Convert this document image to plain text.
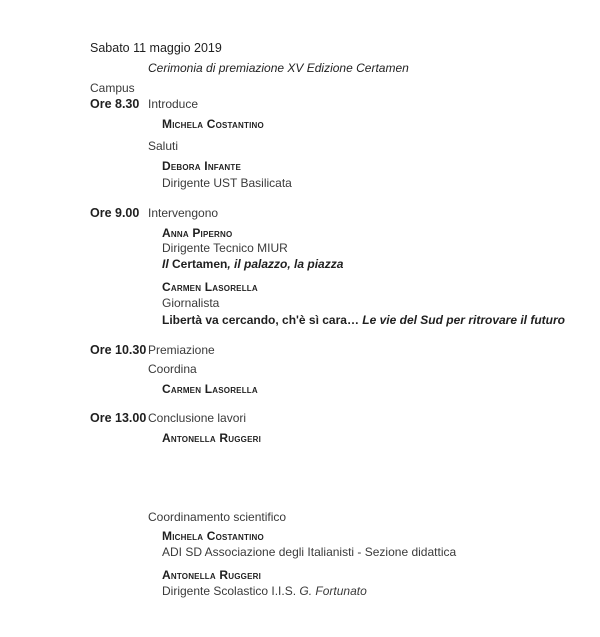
Sabato 11 maggio 2019
Cerimonia di premiazione XV Edizione Certamen
Campus
Ore 8.30 Introduce
Michela Costantino
Saluti
Debora Infante
Dirigente UST Basilicata
Ore 9.00 Intervengono
Anna Piperno
Dirigente Tecnico MIUR
Il Certamen, il palazzo, la piazza
Carmen Lasorella
Giornalista
Libertà va cercando, ch'è sì cara… Le vie del Sud per ritrovare il futuro
Ore 10.30 Premiazione
Coordina
Carmen Lasorella
Ore 13.00 Conclusione lavori
Antonella Ruggeri
Coordinamento scientifico
Michela Costantino
ADI SD Associazione degli Italianisti - Sezione didattica
Antonella Ruggeri
Dirigente Scolastico I.I.S. G. Fortunato
